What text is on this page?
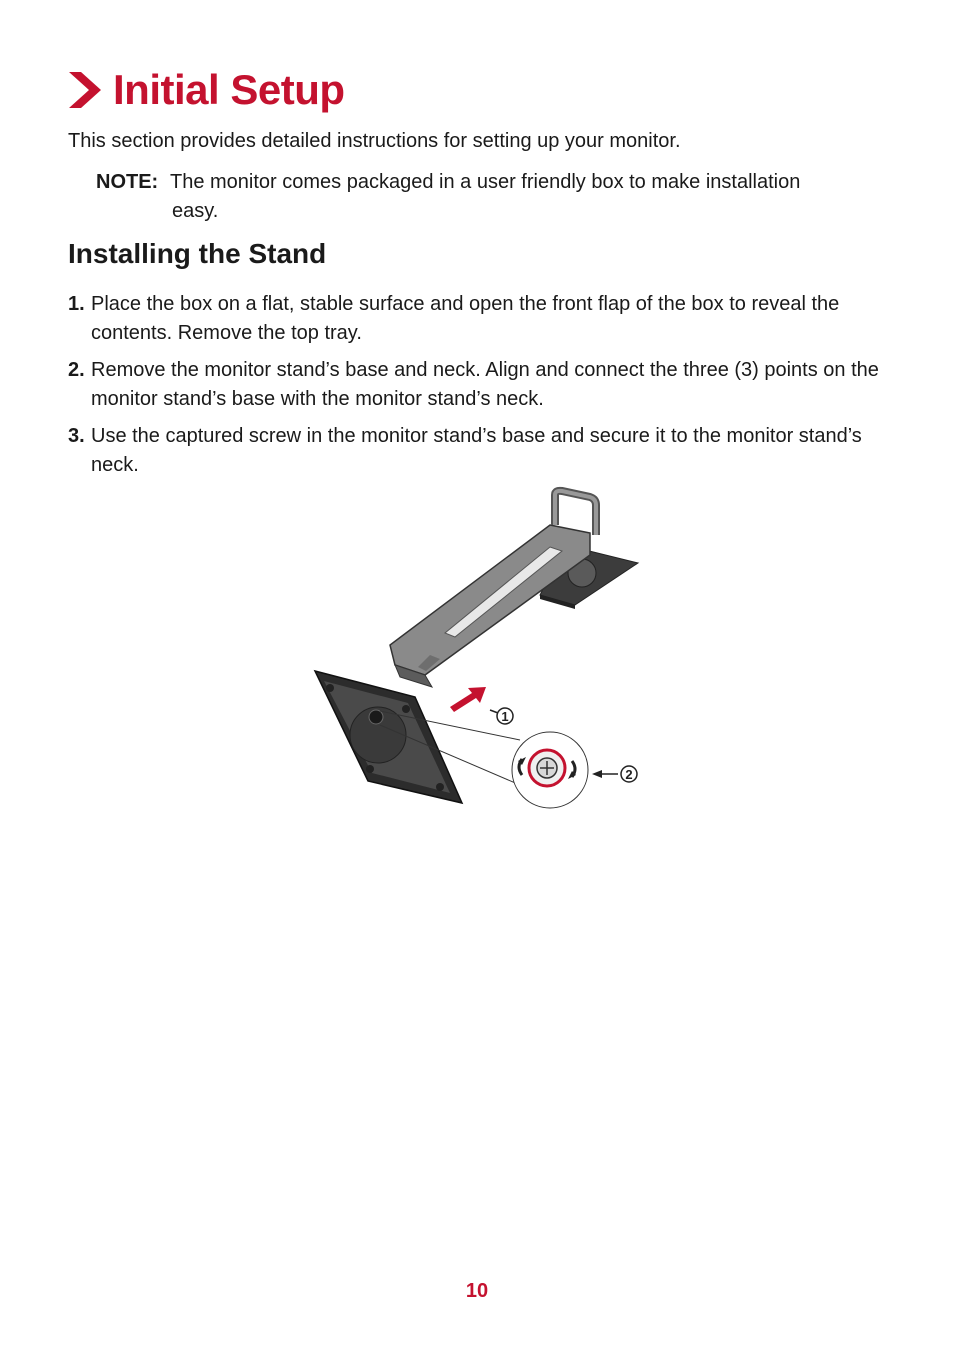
Initial Setup
This section provides detailed instructions for setting up your monitor.
NOTE: The monitor comes packaged in a user friendly box to make installation
easy.
Installing the Stand
1. Place the box on a flat, stable surface and open the front flap of the box to reveal the contents. Remove the top tray.
2. Remove the monitor stand’s base and neck. Align and connect the three (3) points on the monitor stand’s base with the monitor stand’s neck.
3. Use the captured screw in the monitor stand’s base and secure it to the monitor stand’s neck.
1
2
10
